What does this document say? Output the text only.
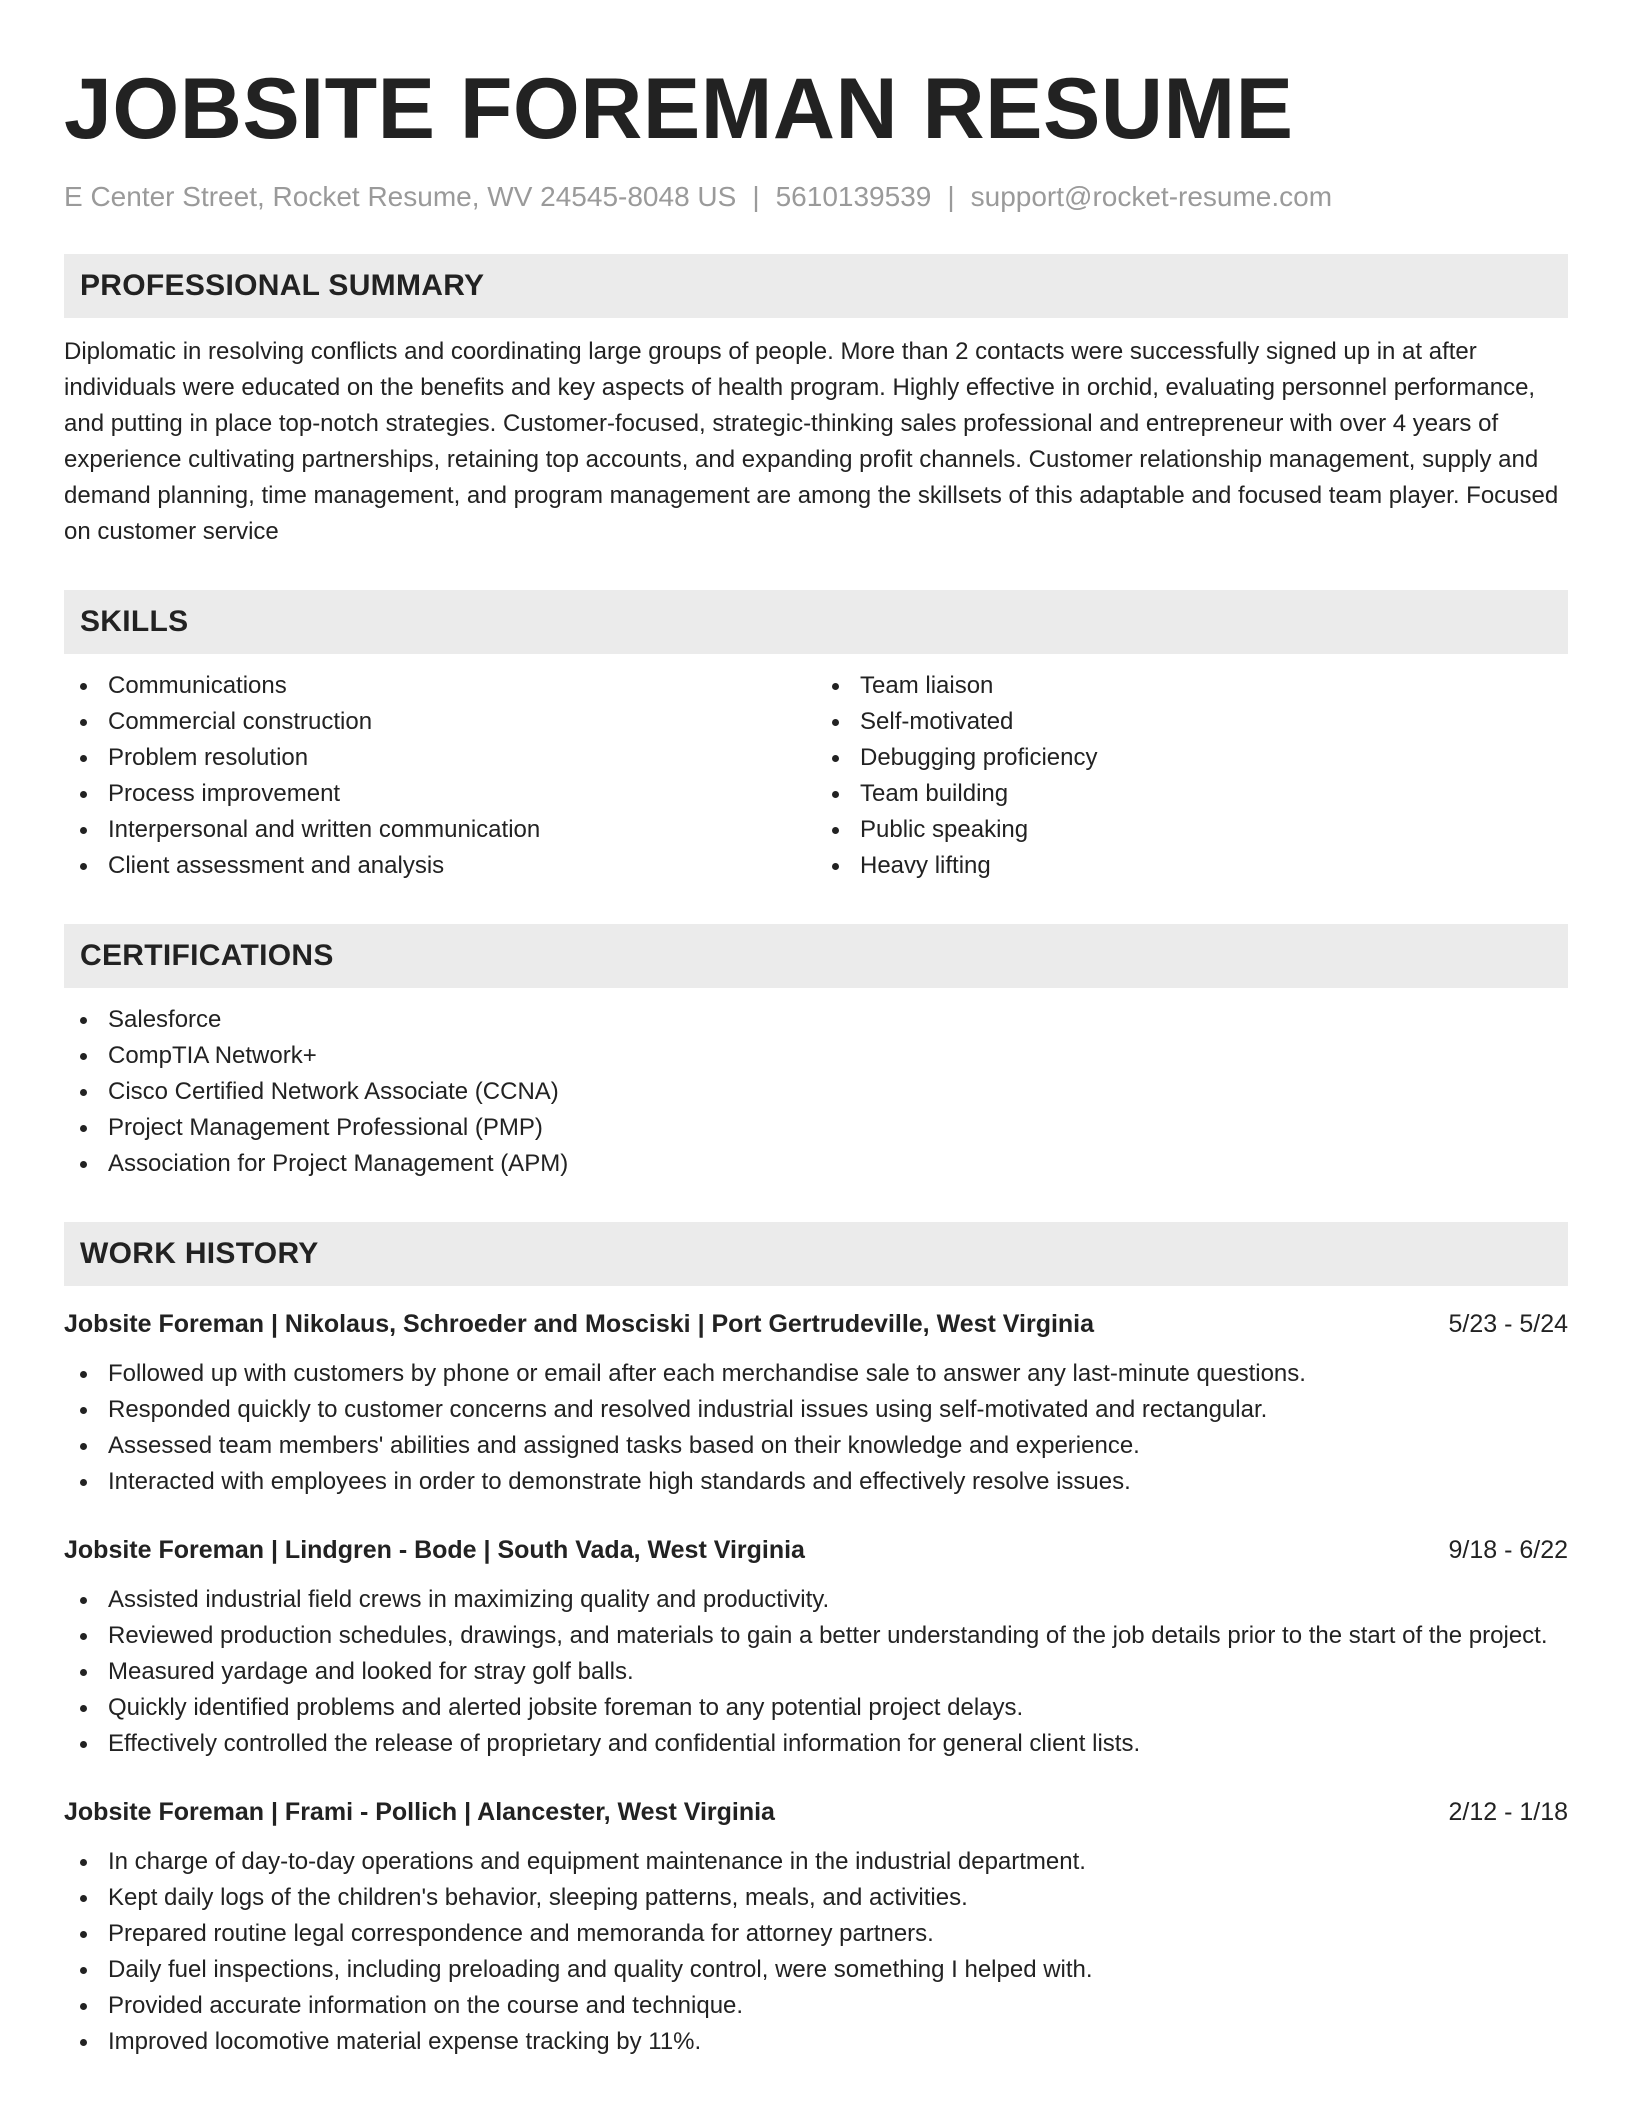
JOBSITE FOREMAN RESUME
E Center Street, Rocket Resume, WV 24545-8048 US | 5610139539 | support@rocket-resume.com
PROFESSIONAL SUMMARY

Diplomatic in resolving conflicts and coordinating large groups of people. More than 2 contacts were successfully signed up in at after individuals were educated on the benefits and key aspects of health program. Highly effective in orchid, evaluating personnel performance, and putting in place top-notch strategies. Customer-focused, strategic-thinking sales professional and entrepreneur with over 4 years of experience cultivating partnerships, retaining top accounts, and expanding profit channels. Customer relationship management, supply and demand planning, time management, and program management are among the skillsets of this adaptable and focused team player. Focused on customer service

SKILLS
Communications
Commercial construction
Problem resolution
Process improvement
Interpersonal and written communication
Client assessment and analysis
Team liaison
Self-motivated
Debugging proficiency
Team building
Public speaking
Heavy lifting
CERTIFICATIONS
Salesforce
CompTIA Network+
Cisco Certified Network Associate (CCNA)
Project Management Professional (PMP)
Association for Project Management (APM)
WORK HISTORY
Jobsite Foreman | Nikolaus, Schroeder and Mosciski | Port Gertrudeville, West Virginia	5/23 - 5/24
Followed up with customers by phone or email after each merchandise sale to answer any last-minute questions.
Responded quickly to customer concerns and resolved industrial issues using self-motivated and rectangular.
Assessed team members' abilities and assigned tasks based on their knowledge and experience.
Interacted with employees in order to demonstrate high standards and effectively resolve issues.
Jobsite Foreman | Lindgren - Bode | South Vada, West Virginia	9/18 - 6/22
Assisted industrial field crews in maximizing quality and productivity.
Reviewed production schedules, drawings, and materials to gain a better understanding of the job details prior to the start of the project.
Measured yardage and looked for stray golf balls.
Quickly identified problems and alerted jobsite foreman to any potential project delays.
Effectively controlled the release of proprietary and confidential information for general client lists.
Jobsite Foreman | Frami - Pollich | Alancester, West Virginia	2/12 - 1/18
In charge of day-to-day operations and equipment maintenance in the industrial department.
Kept daily logs of the children's behavior, sleeping patterns, meals, and activities.
Prepared routine legal correspondence and memoranda for attorney partners.
Daily fuel inspections, including preloading and quality control, were something I helped with.
Provided accurate information on the course and technique.
Improved locomotive material expense tracking by 11%.
